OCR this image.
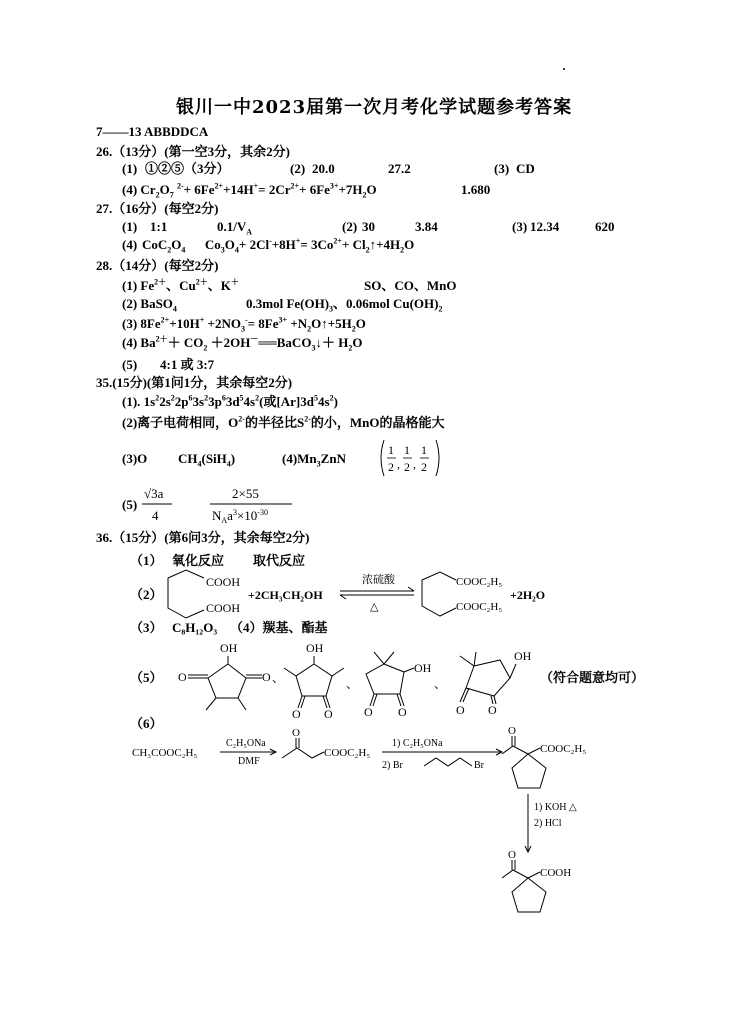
银川一中2023届第一次月考化学试题参考答案
7——13 ABBDDCA
26.（13分）(第一空3分，其余2分)
(1) ①②⑤（3分）	(2) 20.0	27.2	(3) CD
(4) $Cr_2O_7$ $^{2-}+ 6Fe^{2+}+14H^+= 2Cr^{2+}+ 6Fe^{3+}+7H_2O$	1.680
27.（16分）(每空2分)
(1) 1:1	$0.1/V_A$	(2) 30	3.84	(3) 12.34	620
(4) $CoC_2O_4$      $Co_3O_4+ 2Cl^-+8H^+= 3Co^{2+}+$ $Cl_2↑+4H_2O$
28.（14分）(每空2分)
(1) $Fe^{2+}$、$Cu^{2+}$、K＋	SO、CO、MnO
(2) BaSO$_4$	0.3mol $Fe(OH)_3$、0.06mol $Cu(OH)_2$
(3) $8Fe^{2+}+10H^+ +2NO_3^-= 8Fe^{3+}$ $+N_2O↑+5H_2O$
(4) $Ba^{2+}+ CO_2$ ＋2OH－══BaCO$_3$↓＋ $H_2O$
(5) 4:1 或 3:7
35.(15分)(第1问1分，其余每空2分)
(1). $1s^22s^22p^63s^23p^63d^54s^2$(或$[Ar]3d^54s^2$)
(2)离子电荷相同，$O^{2-}$的半径比$S^{2-}$的小，MnO的晶格能大
(3)O $CH_4(SiH_4)$	$(4)Mn_3ZnN$
1
2 ,
1
2 ,
1
2
(5)
√3a
4
2×55
$N_Aa^3\times 10^{-30}$
36.（15分）(第6问3分，其余每空2分)
（1） 氧化反应 取代反应
（2）
COOH
COOH
+2CH₃CH₂OH
浓硫酸
△
COOC₂H₅
COOC₂H₅
+2H₂O
（3） C₈H₁₂O₃ （4）羰基、酯基
（5）
OH
O	O 、
OH
O O
、
OH
O O
、
OH
O O
（符合题意均可）
（6）
CH₃COOC₂H₅
C₂H₅ONa
DMF
O
COOC₂H₅
1) C₂H₅ONa
2) Br	Br
O
COOC₂H₅
1) KOH △
2) HCl
O
COOH
